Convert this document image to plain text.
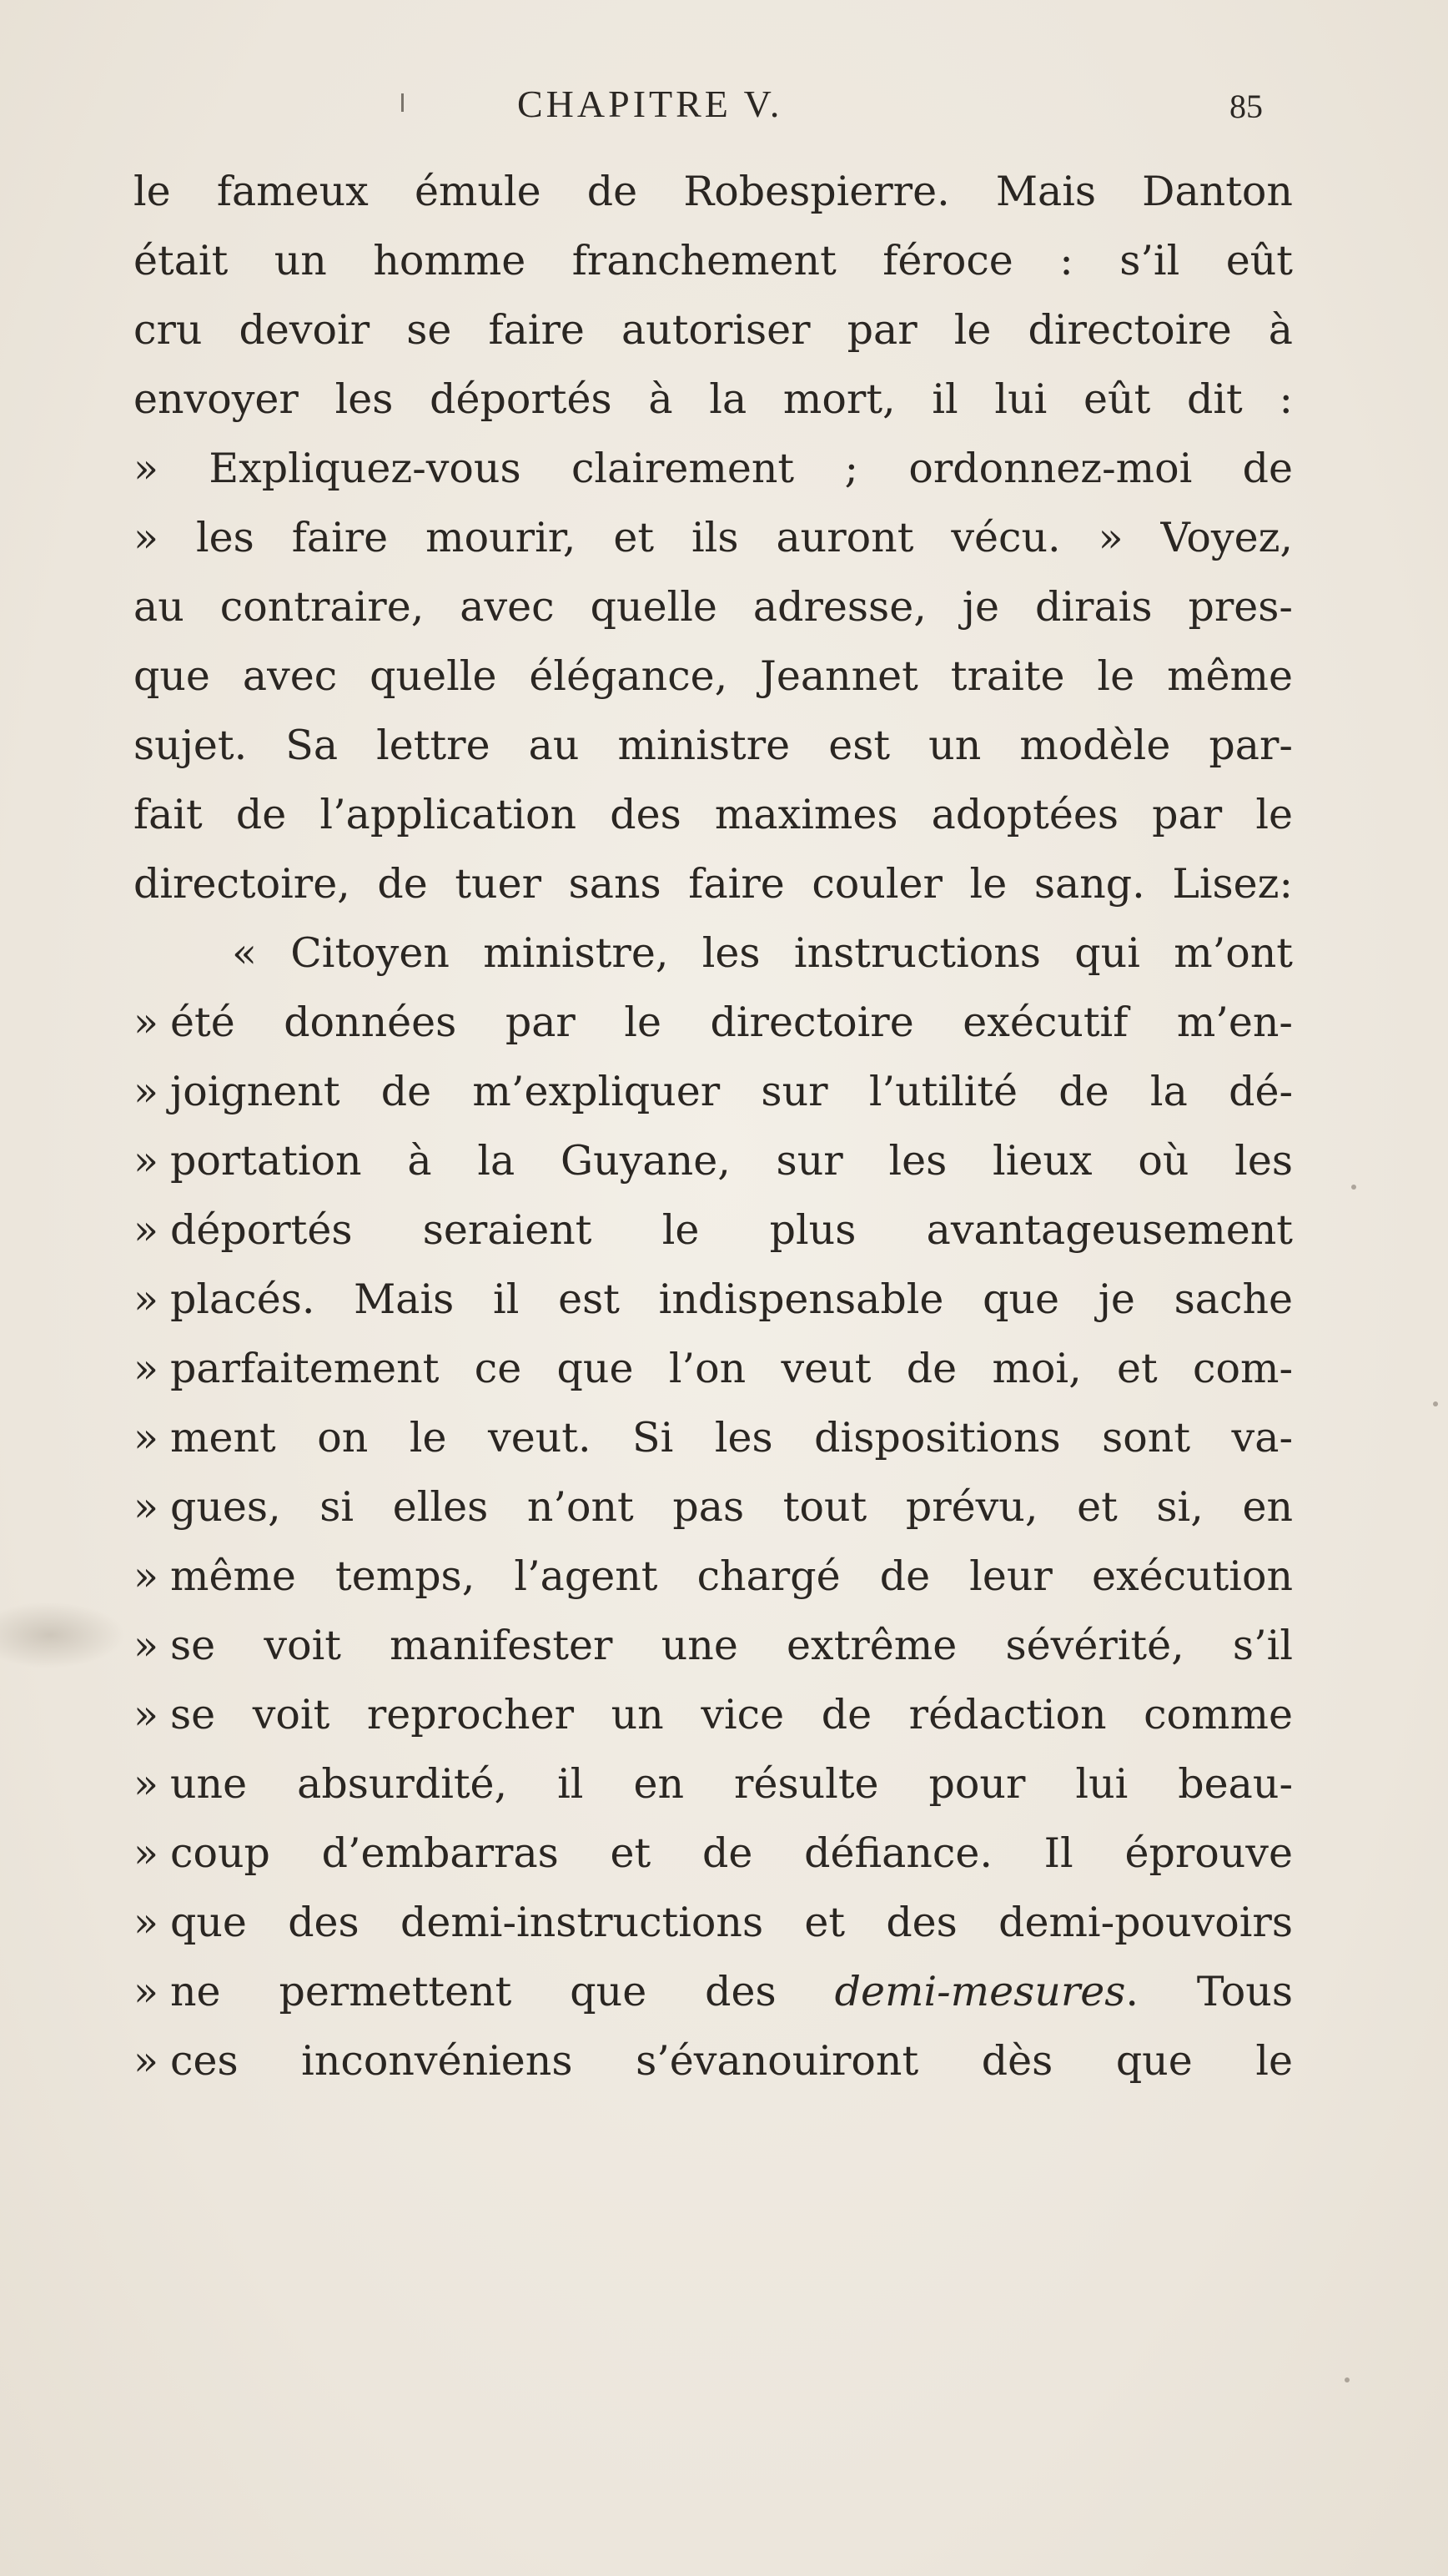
CHAPITRE V.	85
le fameux émule de Robespierre. Mais Danton
était un homme franchement féroce : s’il eût
cru devoir se faire autoriser par le directoire à
envoyer les déportés à la mort, il lui eût dit :
» Expliquez-vous clairement ; ordonnez-moi de
» les faire mourir, et ils auront vécu. » Voyez,
au contraire, avec quelle adresse, je dirais pres-
que avec quelle élégance, Jeannet traite le même
sujet. Sa lettre au ministre est un modèle par-
fait de l’application des maximes adoptées par le
directoire, de tuer sans faire couler le sang. Lisez:
« Citoyen ministre, les instructions qui m’ont
» été données par le directoire exécutif m’en-
» joignent de m’expliquer sur l’utilité de la dé-
» portation à la Guyane, sur les lieux où les
» déportés seraient le plus avantageusement
» placés. Mais il est indispensable que je sache
» parfaitement ce que l’on veut de moi, et com-
» ment on le veut. Si les dispositions sont va-
» gues, si elles n’ont pas tout prévu, et si, en
» même temps, l’agent chargé de leur exécution
» se voit manifester une extrême sévérité, s’il
» se voit reprocher un vice de rédaction comme
» une absurdité, il en résulte pour lui beau-
» coup d’embarras et de défiance. Il éprouve
» que des demi-instructions et des demi-pouvoirs
» ne permettent que des demi-mesures. Tous
» ces inconvéniens s’évanouiront dès que le
